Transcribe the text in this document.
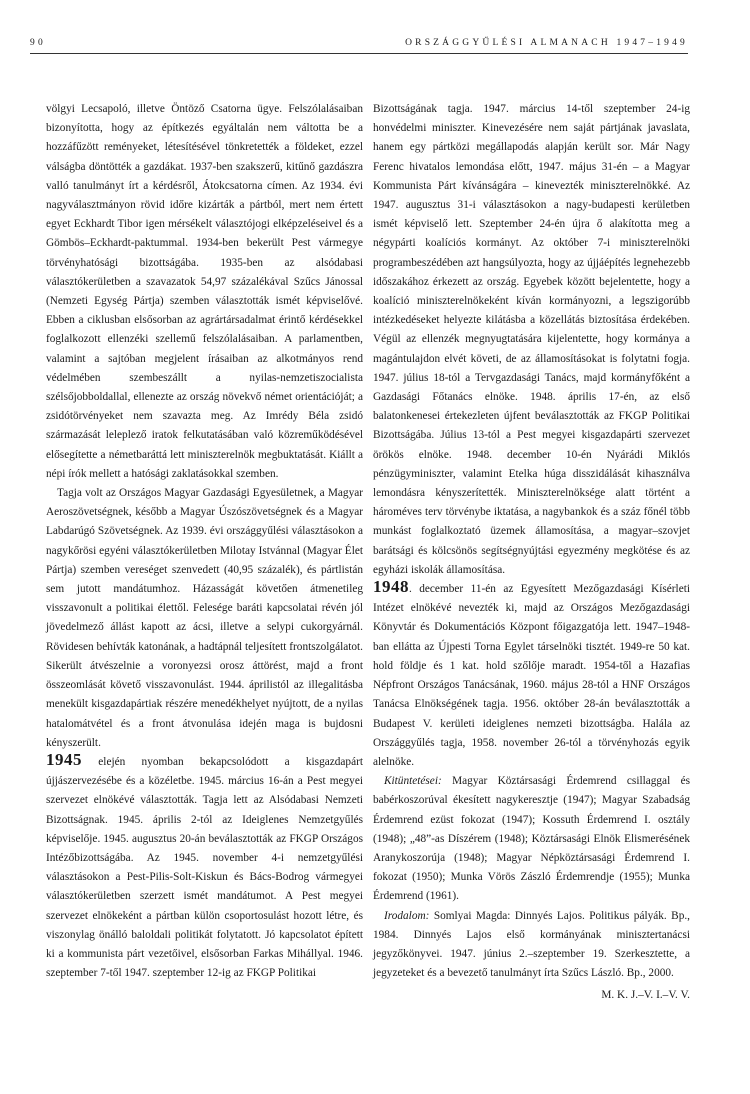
90	ORSZÁGGYŰLÉSI ALMANACH 1947–1949

völgyi Lecsapoló, illetve Öntöző Csatorna ügye. Felszólalásaiban bizonyította, hogy az építkezés egyáltalán nem váltotta be a hozzáfűzött reményeket, létesítésével tönkretették a földeket, ezzel válságba döntötték a gazdákat. 1937-ben szakszerű, kitűnő gazdászra valló tanulmányt írt a kérdésről, Átokcsatorna címen. Az 1934. évi nagyválasztmányon rövid időre kizárták a pártból, mert nem értett egyet Eckhardt Tibor igen mérsékelt választójogi elképzeléseivel és a Gömbös–Eckhardt-paktummal. 1934-ben bekerült Pest vármegye törvényhatósági bizottságába. 1935-ben az alsódabasi választókerületben a szavazatok 54,97 százalékával Szűcs Jánossal (Nemzeti Egység Pártja) szemben választották ismét képviselővé. Ebben a ciklusban elsősorban az agrártársadalmat érintő kérdésekkel foglalkozott ellenzéki szellemű felszólalásaiban. A parlamentben, valamint a sajtóban megjelent írásaiban az alkotmányos rend védelmében szembeszállt a nyilas-nemzetiszocialista szélsőjobboldallal, ellenezte az ország növekvő német orientációját; a zsidótörvényeket nem szavazta meg. Az Imrédy Béla zsidó származását leleplező iratok felkutatásában való közreműködésével elősegítette a németbaráttá lett miniszterelnök megbuktatását. Kiállt a népi írók mellett a hatósági zaklatásokkal szemben.

Tagja volt az Országos Magyar Gazdasági Egyesületnek, a Magyar Aeroszövetségnek, később a Magyar Úszószövetségnek és a Magyar Labdarúgó Szövetségnek. Az 1939. évi országgyűlési választásokon a nagykőrösi egyéni választókerületben Milotay Istvánnal (Magyar Élet Pártja) szemben vereséget szenvedett (40,95 százalék), és pártlistán sem jutott mandátumhoz. Házasságát követően átmenetileg visszavonult a politikai élettől. Felesége baráti kapcsolatai révén jól jövedelmező állást kapott az ácsi, illetve a selypi cukorgyárnál. Rövidesen behívták katonának, a hadtápnál teljesített frontszolgálatot. Sikerült átvészelnie a voronyezsi orosz áttörést, majd a front összeomlását követő visszavonulást. 1944. áprilistól az illegalitásba menekült kisgazdapártiak részére menedékhelyet nyújtott, de a nyilas hatalomátvétel és a front átvonulása idején maga is bujdosni kényszerült.

1945 elején nyomban bekapcsolódott a kisgazdapárt újjászervezésébe és a közéletbe. 1945. március 16-án a Pest megyei szervezet elnökévé választották. Tagja lett az Alsódabasi Nemzeti Bizottságnak. 1945. április 2-tól az Ideiglenes Nemzetgyűlés képviselője. 1945. augusztus 20-án beválasztották az FKGP Országos Intézőbizottságába. Az 1945. november 4-i nemzetgyűlési választásokon a Pest-Pilis-Solt-Kiskun és Bács-Bodrog vármegyei választókerületben szerzett ismét mandátumot. A Pest megyei szervezet elnökeként a pártban külön csoportosulást hozott létre, és viszonylag önálló baloldali politikát folytatott. Jó kapcsolatot épített ki a kommunista párt vezetőivel, elsősorban Farkas Mihállyal. 1946. szeptember 7-től 1947. szeptember 12-ig az FKGP Politikai

Bizottságának tagja. 1947. március 14-től szeptember 24-ig honvédelmi miniszter. Kinevezésére nem saját pártjának javaslata, hanem egy pártközi megállapodás alapján került sor. Már Nagy Ferenc hivatalos lemondása előtt, 1947. május 31-én – a Magyar Kommunista Párt kívánságára – kinevezték miniszterelnökké. Az 1947. augusztus 31-i választásokon a nagy-budapesti kerületben ismét képviselő lett. Szeptember 24-én újra ő alakította meg a négypárti koalíciós kormányt. Az október 7-i miniszterelnöki programbeszédében azt hangsúlyozta, hogy az újjáépítés legnehezebb időszakához érkezett az ország. Egyebek között bejelentette, hogy a koalíció miniszterelnökeként kíván kormányozni, a legszigorúbb intézkedéseket helyezte kilátásba a közellátás biztosítása érdekében. Végül az ellenzék megnyugtatására kijelentette, hogy kormánya a magántulajdon elvét követi, de az államosításokat is folytatni fogja. 1947. július 18-tól a Tervgazdasági Tanács, majd kormányfőként a Gazdasági Főtanács elnöke. 1948. április 17-én, az első balatonkenesei értekezleten újfent beválasztották az FKGP Politikai Bizottságába. Július 13-tól a Pest megyei kisgazdapárti szervezet örökös elnöke. 1948. december 10-én Nyárádi Miklós pénzügyminiszter, valamint Etelka húga disszidálását kihasználva lemondásra kényszerítették. Miniszterelnöksége alatt történt a hároméves terv törvénybe iktatása, a nagybankok és a száz főnél több munkást foglalkoztató üzemek államosítása, a magyar–szovjet barátsági és kölcsönös segítségnyújtási egyezmény megkötése és az egyházi iskolák államosítása.

1948. december 11-én az Egyesített Mezőgazdasági Kísérleti Intézet elnökévé nevezték ki, majd az Országos Mezőgazdasági Könyvtár és Dokumentációs Központ főigazgatója lett. 1947–1948-ban ellátta az Újpesti Torna Egylet társelnöki tisztét. 1949-re 50 kat. hold földje és 1 kat. hold szőlője maradt. 1954-től a Hazafias Népfront Országos Tanácsának, 1960. május 28-tól a HNF Országos Tanácsa Elnökségének tagja. 1956. október 28-án beválasztották a Budapest V. kerületi ideiglenes nemzeti bizottságba. Halála az Országgyűlés tagja, 1958. november 26-tól a törvényhozás egyik alelnöke.

Kitüntetései: Magyar Köztársasági Érdemrend csillaggal és babérkoszorúval ékesített nagykeresztje (1947); Magyar Szabadság Érdemrend ezüst fokozat (1947); Kossuth Érdemrend I. osztály (1948); „48”-as Díszérem (1948); Köztársasági Elnök Elismerésének Aranykoszorúja (1948); Magyar Népköztársasági Érdemrend I. fokozat (1950); Munka Vörös Zászló Érdemrendje (1955); Munka Érdemrend (1961).

Irodalom: Somlyai Magda: Dinnyés Lajos. Politikus pályák. Bp., 1984. Dinnyés Lajos első kormányának minisztertanácsi jegyzőkönyvei. 1947. június 2.–szeptember 19. Szerkesztette, a jegyzeteket és a bevezető tanulmányt írta Szűcs László. Bp., 2000.

M. K. J.–V. I.–V. V.
